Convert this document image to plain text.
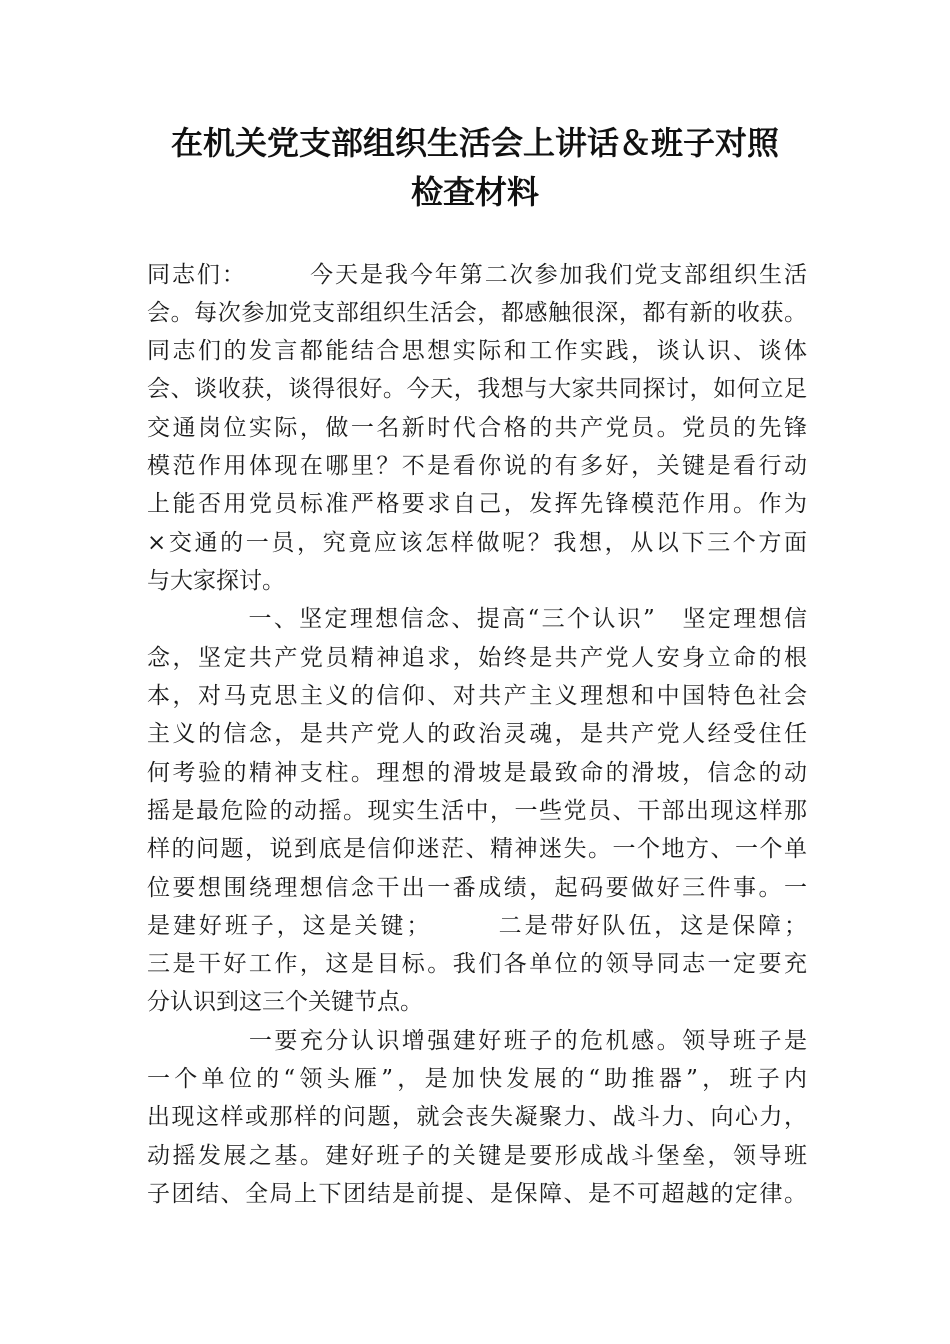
在机关党支部组织生活会上讲话＆班子对照
检查材料
同志们：　　　今天是我今年第二次参加我们党支部组织生活
会。每次参加党支部组织生活会，都感触很深，都有新的收获。
同志们的发言都能结合思想实际和工作实践，谈认识、谈体
会、谈收获，谈得很好。今天，我想与大家共同探讨，如何立足
交通岗位实际，做一名新时代合格的共产党员。党员的先锋
模范作用体现在哪里？不是看你说的有多好，关键是看行动
上能否用党员标准严格要求自己，发挥先锋模范作用。作为
×交通的一员，究竟应该怎样做呢？我想，从以下三个方面
与大家探讨。
　　　　一、坚定理想信念、提高“三个认识”　坚定理想信
念，坚定共产党员精神追求，始终是共产党人安身立命的根
本，对马克思主义的信仰、对共产主义理想和中国特色社会
主义的信念，是共产党人的政治灵魂，是共产党人经受住任
何考验的精神支柱。理想的滑坡是最致命的滑坡，信念的动
摇是最危险的动摇。现实生活中，一些党员、干部出现这样那
样的问题，说到底是信仰迷茫、精神迷失。一个地方、一个单
位要想围绕理想信念干出一番成绩，起码要做好三件事。一
是建好班子，这是关键；　　　二是带好队伍，这是保障；
三是干好工作，这是目标。我们各单位的领导同志一定要充
分认识到这三个关键节点。
　　　　一要充分认识增强建好班子的危机感。领导班子是
一个单位的“领头雁”，是加快发展的“助推器”，班子内
出现这样或那样的问题，就会丧失凝聚力、战斗力、向心力，
动摇发展之基。建好班子的关键是要形成战斗堡垒，领导班
子团结、全局上下团结是前提、是保障、是不可超越的定律。
